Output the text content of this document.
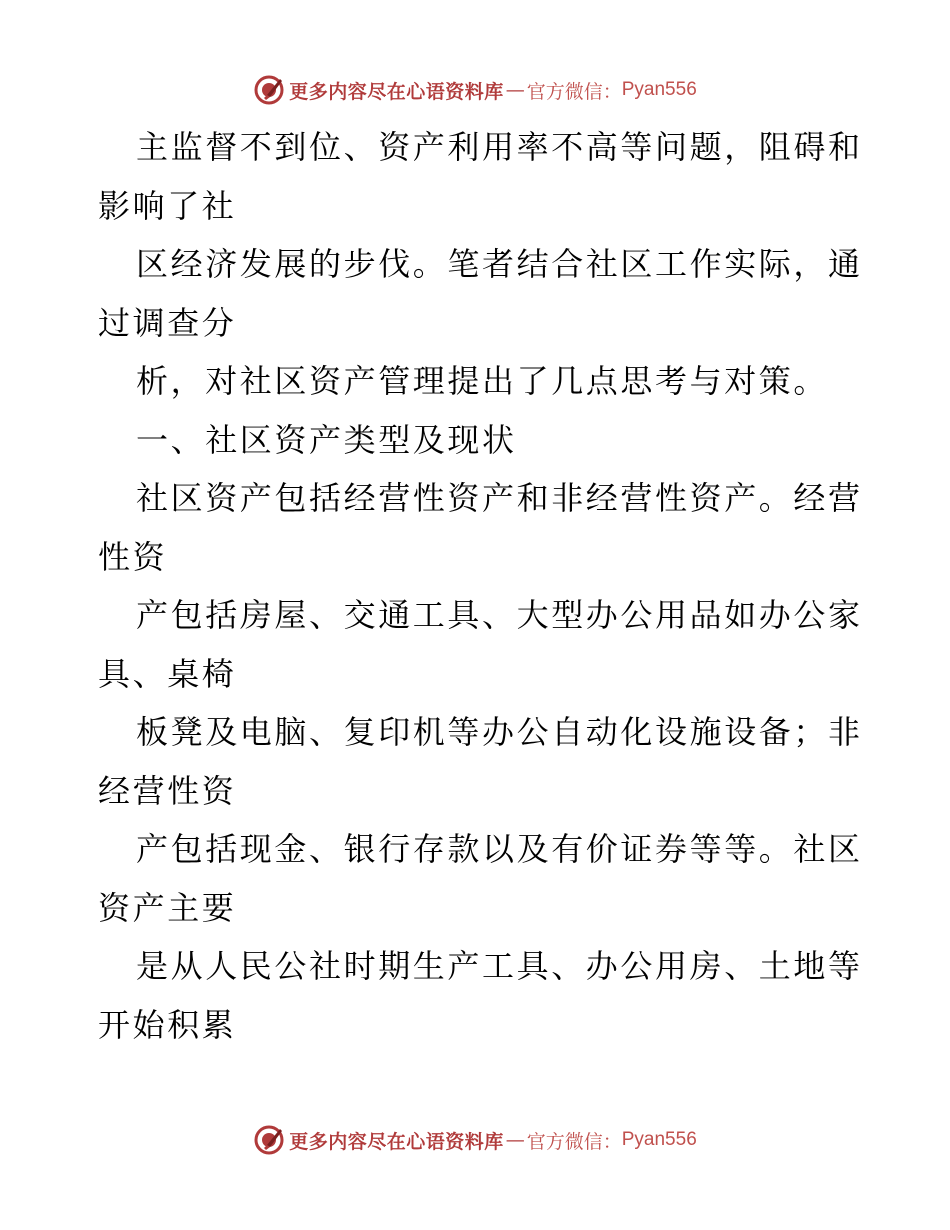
更多内容尽在心语资料库 — 官方微信： Pyan556
主监督不到位、资产利用率不高等问题，阻碍和
影响了社
区经济发展的步伐。笔者结合社区工作实际，通
过调查分
析，对社区资产管理提出了几点思考与对策。
一、社区资产类型及现状
社区资产包括经营性资产和非经营性资产。经营
性资
产包括房屋、交通工具、大型办公用品如办公家
具、桌椅
板凳及电脑、复印机等办公自动化设施设备；非
经营性资
产包括现金、银行存款以及有价证券等等。社区
资产主要
是从人民公社时期生产工具、办公用房、土地等
开始积累
更多内容尽在心语资料库 — 官方微信： Pyan556
